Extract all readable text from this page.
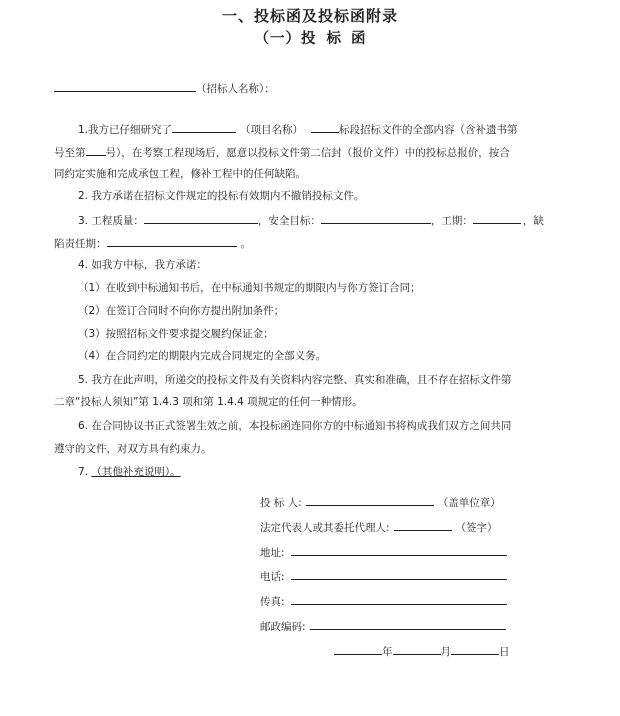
一、投标函及投标函附录
（一）投 标 函
（招标人名称）：
1.我方已仔细研究了	（项目名称）	标段招标文件的全部内容（含补遗书第
号至第 号），在考察工程现场后，愿意以投标文件第二信封（报价文件）中的投标总报价，按合
同约定实施和完成承包工程，修补工程中的任何缺陷。
2. 我方承诺在招标文件规定的投标有效期内不撤销投标文件。
3. 工程质量：	，安全目标：	，工期：	，缺
陷责任期：	。
4. 如我方中标，我方承诺：
（1）在收到中标通知书后，在中标通知书规定的期限内与你方签订合同；
（2）在签订合同时不向你方提出附加条件；
（3）按照招标文件要求提交履约保证金；
（4）在合同约定的期限内完成合同规定的全部义务。
5. 我方在此声明，所递交的投标文件及有关资料内容完整、真实和准确，且不存在招标文件第
二章“投标人须知”第 1.4.3 项和第 1.4.4 项规定的任何一种情形。
6. 在合同协议书正式签署生效之前，本投标函连同你方的中标通知书将构成我们双方之间共同
遵守的文件，对双方具有约束力。
7. （其他补充说明）。
投 标 人:	（盖单位章）
法定代表人或其委托代理人:	（签字）
地址:
电话:
传真:
邮政编码:
年	月	日
